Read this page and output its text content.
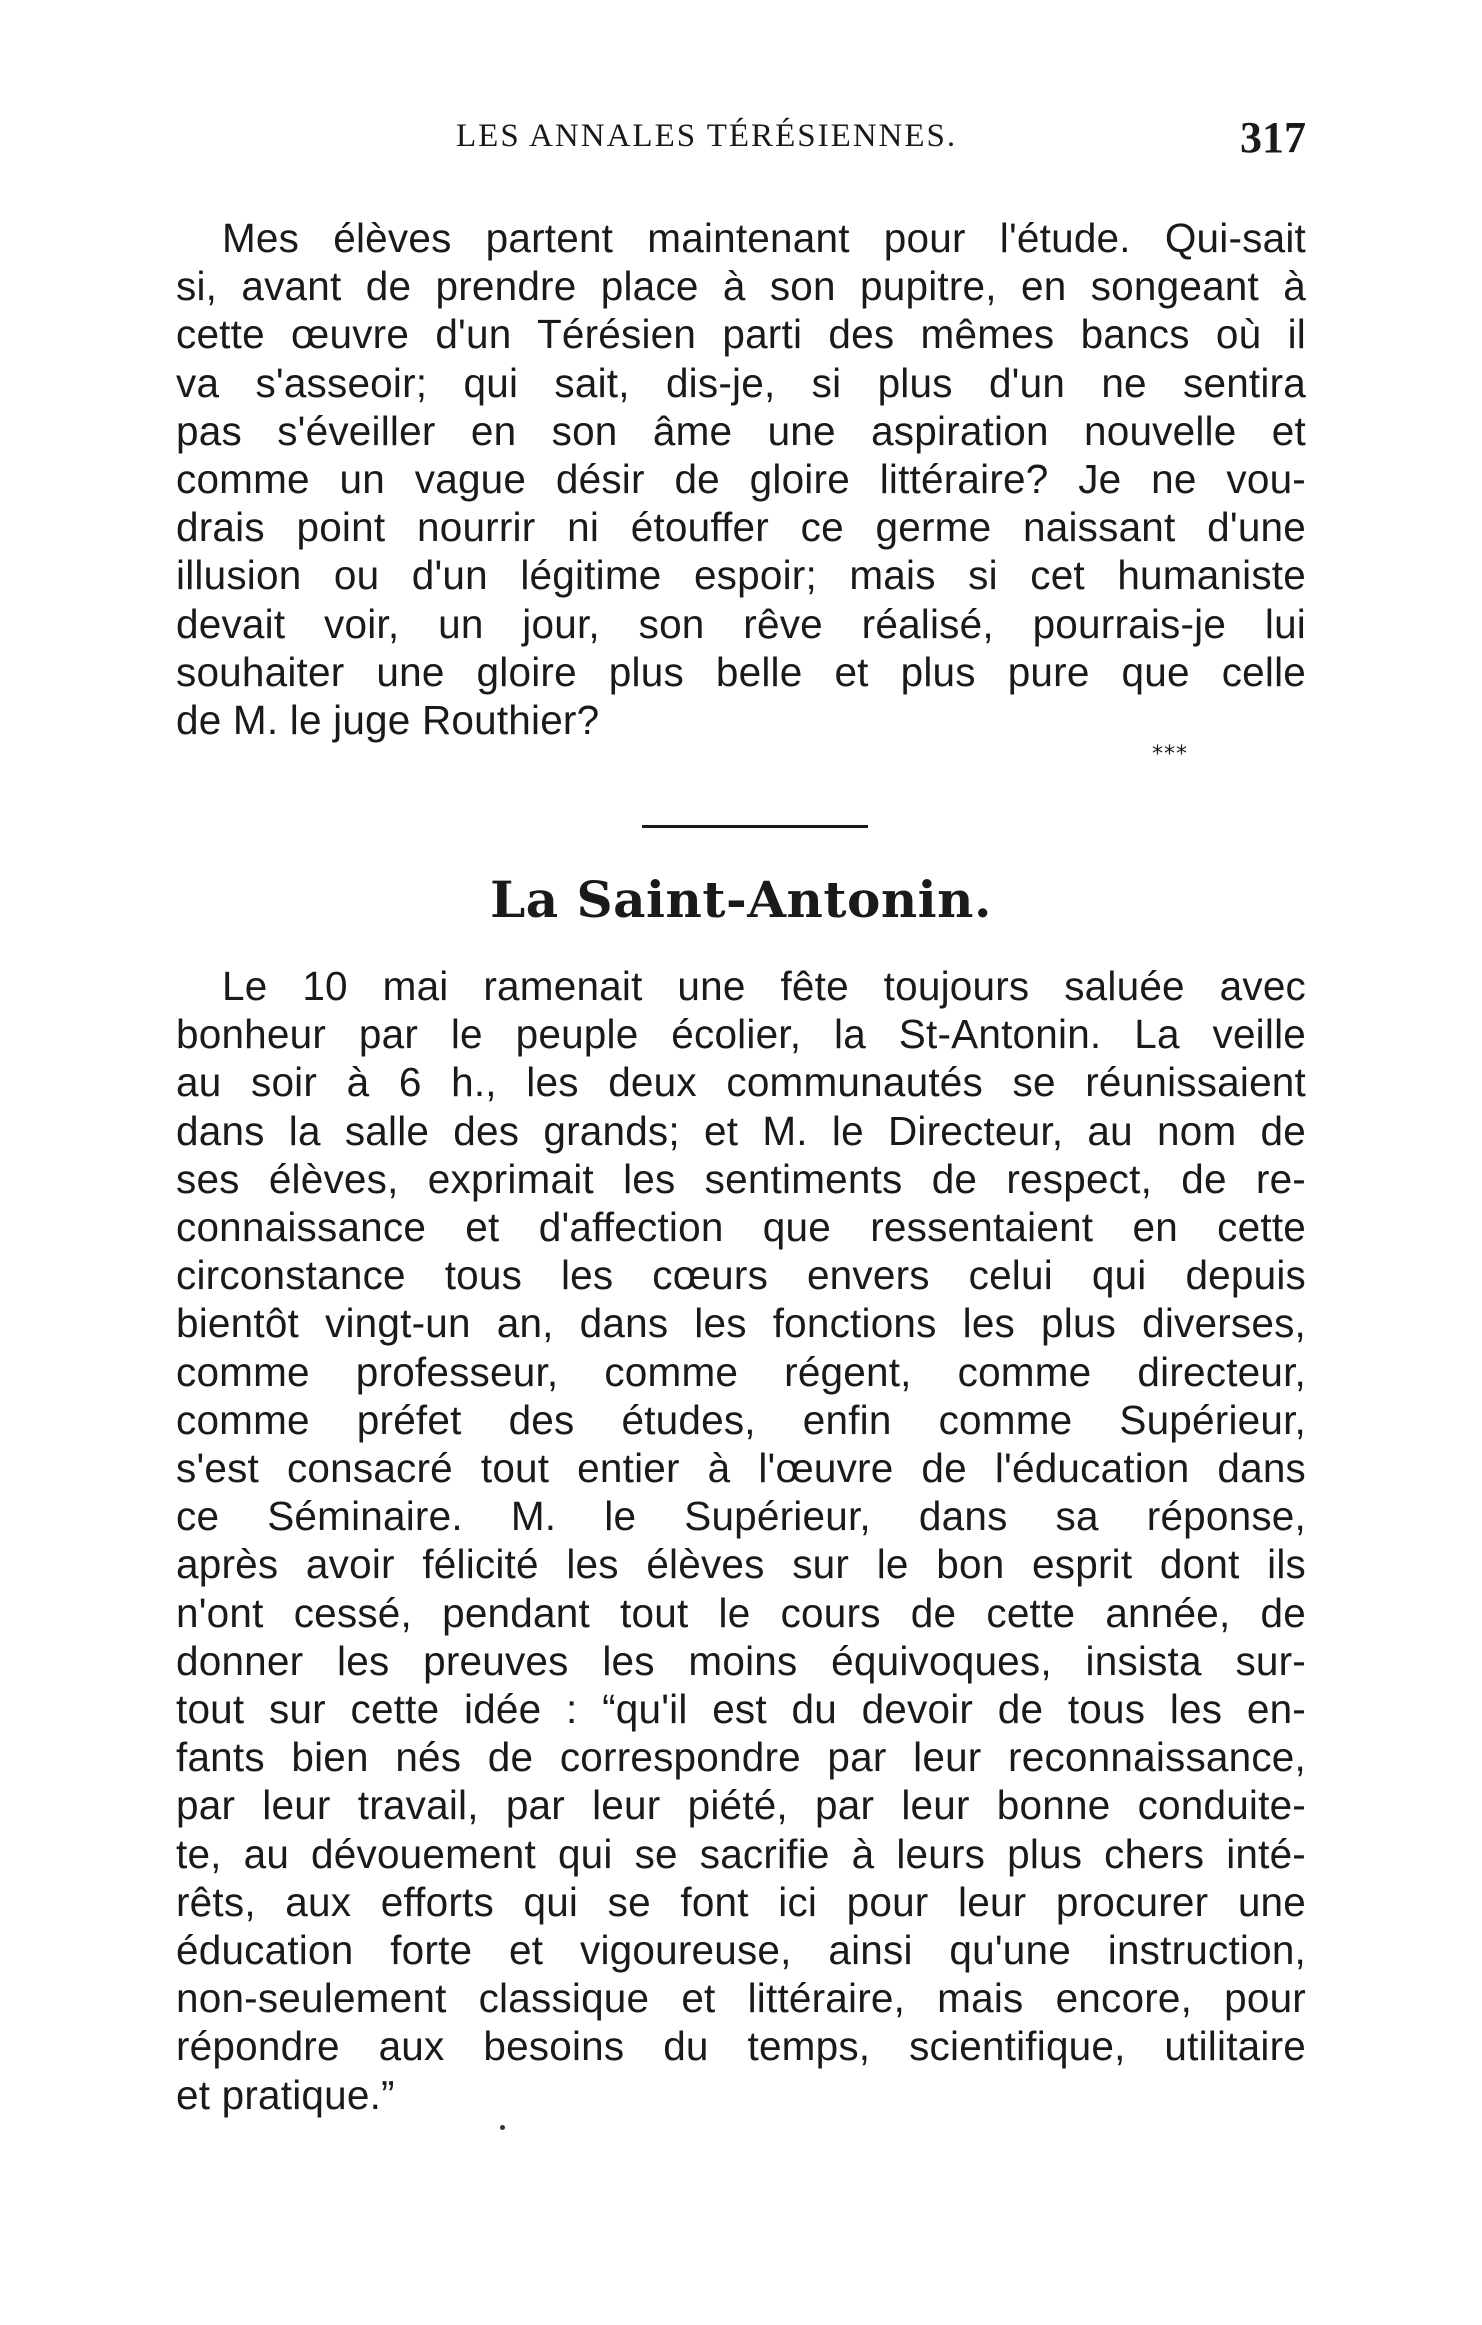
LES ANNALES TÉRÉSIENNES.	317
Mes élèves partent maintenant pour l'étude. Qui-sait
si, avant de prendre place à son pupitre, en songeant à
cette œuvre d'un Térésien parti des mêmes bancs où il
va s'asseoir; qui sait, dis-je, si plus d'un ne sentira
pas s'éveiller en son âme une aspiration nouvelle et
comme un vague désir de gloire littéraire? Je ne vou-
drais point nourrir ni étouffer ce germe naissant d'une
illusion ou d'un légitime espoir; mais si cet humaniste
devait voir, un jour, son rêve réalisé, pourrais-je lui
souhaiter une gloire plus belle et plus pure que celle
de M. le juge Routhier?
***
La Saint-Antonin.
Le 10 mai ramenait une fête toujours saluée avec
bonheur par le peuple écolier, la St-Antonin. La veille
au soir à 6 h., les deux communautés se réunissaient
dans la salle des grands; et M. le Directeur, au nom de
ses élèves, exprimait les sentiments de respect, de re-
connaissance et d'affection que ressentaient en cette
circonstance tous les cœurs envers celui qui depuis
bientôt vingt-un an, dans les fonctions les plus diverses,
comme professeur, comme régent, comme directeur,
comme préfet des études, enfin comme Supérieur,
s'est consacré tout entier à l'œuvre de l'éducation dans
ce Séminaire. M. le Supérieur, dans sa réponse,
après avoir félicité les élèves sur le bon esprit dont ils
n'ont cessé, pendant tout le cours de cette année, de
donner les preuves les moins équivoques, insista sur-
tout sur cette idée : “qu'il est du devoir de tous les en-
fants bien nés de correspondre par leur reconnaissance,
par leur travail, par leur piété, par leur bonne conduite-
te, au dévouement qui se sacrifie à leurs plus chers inté-
rêts, aux efforts qui se font ici pour leur procurer une
éducation forte et vigoureuse, ainsi qu'une instruction,
non-seulement classique et littéraire, mais encore, pour
répondre aux besoins du temps, scientifique, utilitaire
et pratique.”
